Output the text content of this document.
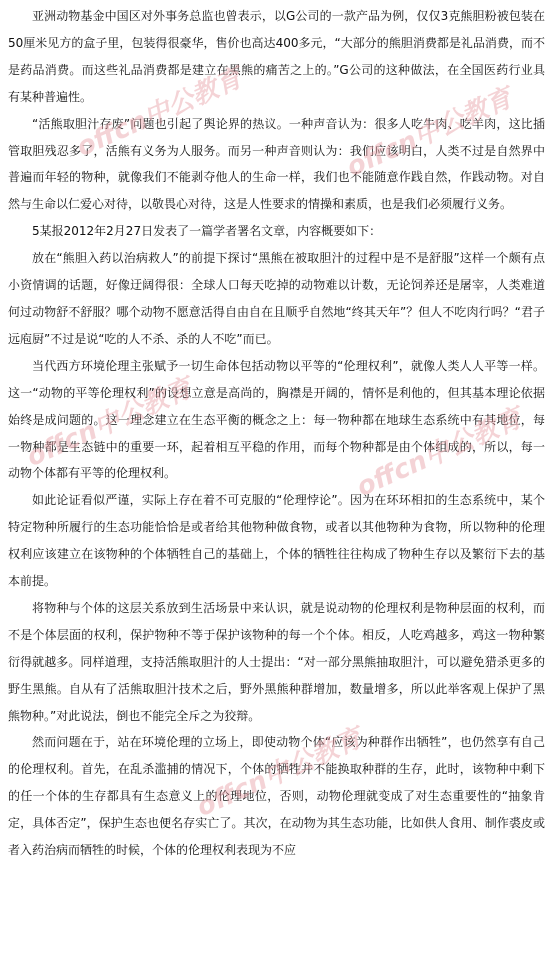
亚洲动物基金中国区对外事务总监也曾表示，以G公司的一款产品为例，仅仅3克熊胆粉被包装在50厘米见方的盒子里，包装得很豪华，售价也高达400多元，“大部分的熊胆消费都是礼品消费，而不是药品消费。而这些礼品消费都是建立在黑熊的痛苦之上的。”G公司的这种做法，在全国医药行业具有某种普遍性。

“活熊取胆汁存废”问题也引起了舆论界的热议。一种声音认为：很多人吃牛肉、吃羊肉，这比插管取胆残忍多了，活熊有义务为人服务。而另一种声音则认为：我们应该明白，人类不过是自然界中普遍而年轻的物种，就像我们不能剥夺他人的生命一样，我们也不能随意作践自然，作践动物。对自然与生命以仁爱心对待，以敬畏心对待，这是人性要求的情操和素质，也是我们必须履行义务。

5某报2012年2月27日发表了一篇学者署名文章，内容概要如下：

放在“熊胆入药以治病救人”的前提下探讨“黑熊在被取胆汁的过程中是不是舒服”这样一个颇有点小资情调的话题，好像迂阔得很：全球人口每天吃掉的动物难以计数，无论饲养还是屠宰，人类难道何过动物舒不舒服？哪个动物不愿意活得自由自在且顺乎自然地“终其天年”？但人不吃肉行吗？“君子远庖厨”不过是说“吃的人不杀、杀的人不吃”而已。

当代西方环境伦理主张赋予一切生命体包括动物以平等的“伦理权利”，就像人类人人平等一样。这一“动物的平等伦理权利”的设想立意是高尚的，胸襟是开阔的，情怀是利他的，但其基本理论依据始终是成问题的。这一理念建立在生态平衡的概念之上：每一物种都在地球生态系统中有其地位，每一物种都是生态链中的重要一环，起着相互平稳的作用，而每个物种都是由个体组成的，所以，每一动物个体都有平等的伦理权利。

如此论证看似严谨，实际上存在着不可克服的“伦理悖论”。因为在环环相扣的生态系统中，某个特定物种所履行的生态功能恰恰是或者给其他物种做食物，或者以其他物种为食物，所以物种的伦理权利应该建立在该物种的个体牺牲自己的基础上，个体的牺牲往往构成了物种生存以及繁衍下去的基本前提。

将物种与个体的这层关系放到生活场景中来认识，就是说动物的伦理权利是物种层面的权利，而不是个体层面的权利，保护物种不等于保护该物种的每一个个体。相反，人吃鸡越多，鸡这一物种繁衍得就越多。同样道理，支持活熊取胆汁的人士提出：“对一部分黑熊抽取胆汁，可以避免猎杀更多的野生黑熊。自从有了活熊取胆汁技术之后，野外黑熊种群增加，数量增多，所以此举客观上保护了黑熊物种。”对此说法，倒也不能完全斥之为狡辩。

然而问题在于，站在环境伦理的立场上，即使动物个体“应该为种群作出牺牲”，也仍然享有自己的伦理权利。首先，在乱杀滥捕的情况下，个体的牺牲并不能换取种群的生存，此时，该物种中剩下的任一个体的生存都具有生态意义上的伦理地位，否则，动物伦理就变成了对生态重要性的“抽象肯定，具体否定”，保护生态也便名存实亡了。其次，在动物为其生态功能，比如供人食用、制作裘皮或者入药治病而牺牲的时候，个体的伦理权利表现为不应

offcn中公教育
offcn中公教育
offcn中公教育
offcn中公教育
offcn中公教育
